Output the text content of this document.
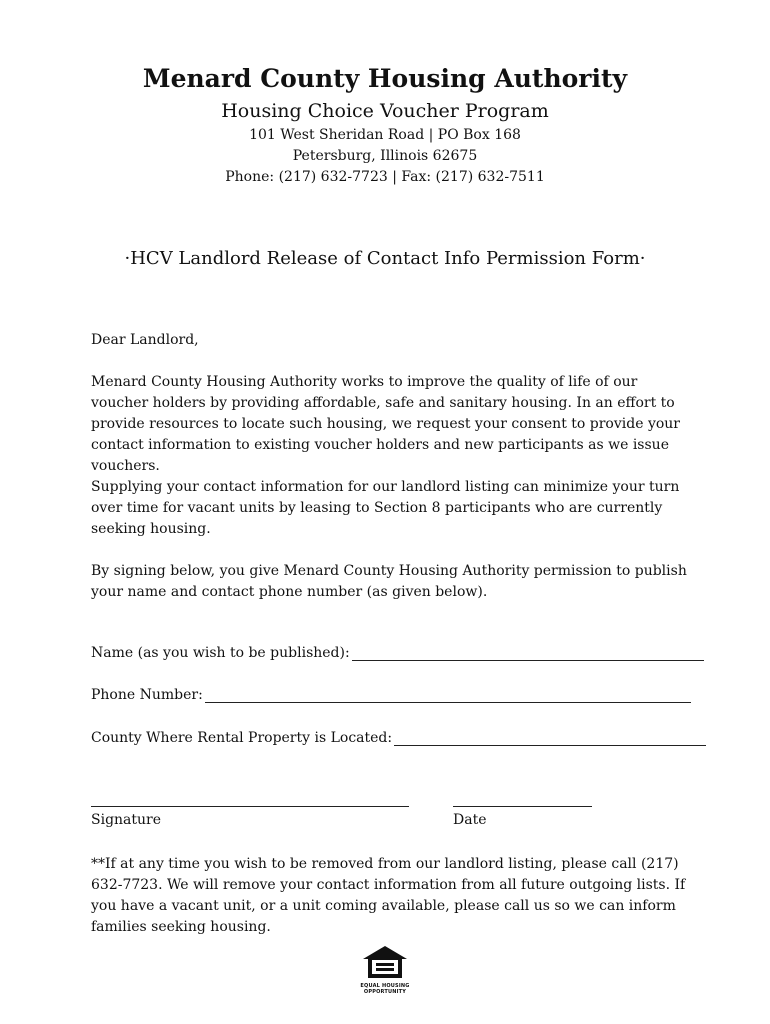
Menard County Housing Authority
Housing Choice Voucher Program
101 West Sheridan Road | PO Box 168
Petersburg, Illinois 62675
Phone: (217) 632-7723 | Fax: (217) 632-7511
·HCV Landlord Release of Contact Info Permission Form·
Dear Landlord,
Menard County Housing Authority works to improve the quality of life of our voucher holders by providing affordable, safe and sanitary housing. In an effort to provide resources to locate such housing, we request your consent to provide your contact information to existing voucher holders and new participants as we issue vouchers.
Supplying your contact information for our landlord listing can minimize your turn over time for vacant units by leasing to Section 8 participants who are currently seeking housing.
By signing below, you give Menard County Housing Authority permission to publish your name and contact phone number (as given below).
Name (as you wish to be published):
Phone Number:
County Where Rental Property is Located:
Signature	Date
**If at any time you wish to be removed from our landlord listing, please call (217) 632-7723. We will remove your contact information from all future outgoing lists. If you have a vacant unit, or a unit coming available, please call us so we can inform families seeking housing.
EQUAL HOUSING
OPPORTUNITY
